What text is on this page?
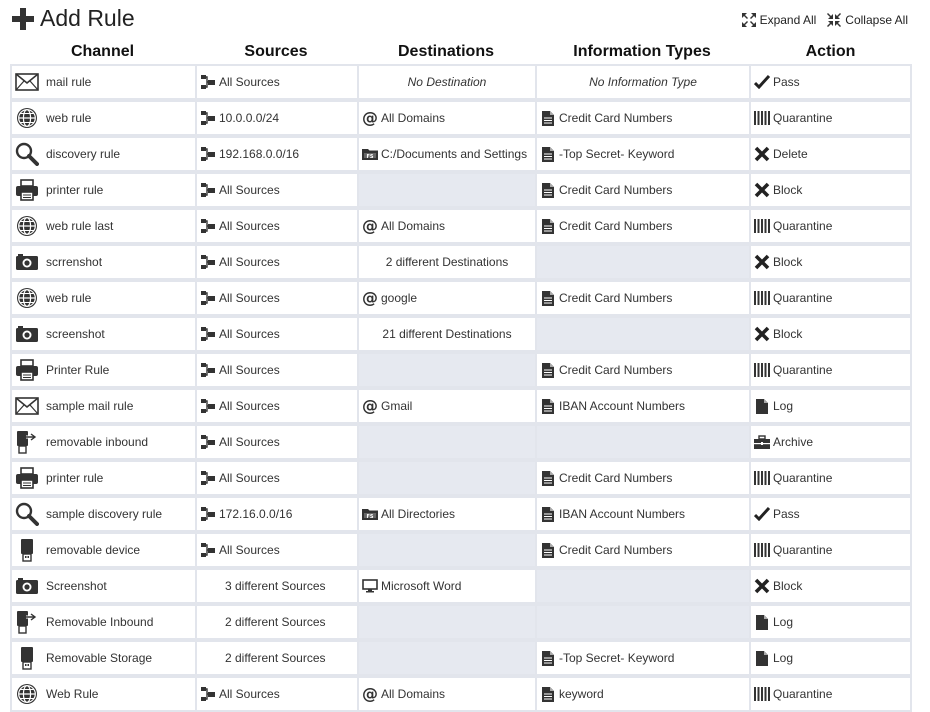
Add Rule	Expand All Collapse All
Channel	Sources	Destinations	Information Types	Action

mail rule	All Sources	No Destination	No Information Type	Pass

web rule	10.0.0.0/24	@ All Domains	Credit Card Numbers	Quarantine

discovery rule	192.168.0.0/16	FS C:/Documents and Settings	-Top Secret- Keyword	Delete

printer rule	All Sources		Credit Card Numbers	Block

web rule last	All Sources	@ All Domains	Credit Card Numbers	Quarantine

scrrenshot	All Sources	2 different Destinations		Block

web rule	All Sources	@ google	Credit Card Numbers	Quarantine

screenshot	All Sources	21 different Destinations		Block

Printer Rule	All Sources		Credit Card Numbers	Quarantine

sample mail rule	All Sources	@ Gmail	IBAN Account Numbers	Log

removable inbound	All Sources			Archive

printer rule	All Sources		Credit Card Numbers	Quarantine

sample discovery rule	172.16.0.0/16	FS All Directories	IBAN Account Numbers	Pass

removable device	All Sources		Credit Card Numbers	Quarantine

Screenshot	3 different Sources	Microsoft Word		Block

Removable Inbound	2 different Sources			Log

Removable Storage	2 different Sources		-Top Secret- Keyword	Log

Web Rule	All Sources	@ All Domains	keyword	Quarantine
